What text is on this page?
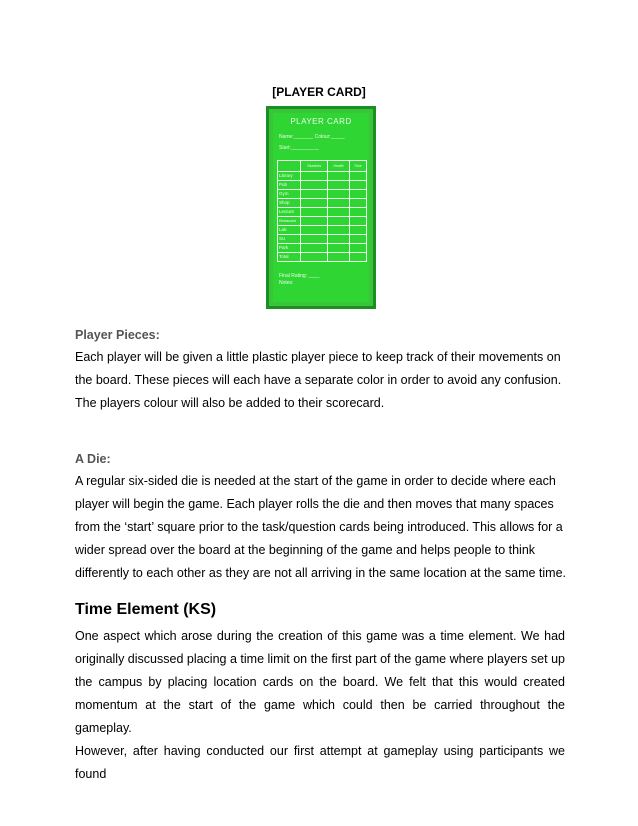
[PLAYER CARD]
PLAYER CARD
Name:_______ Colour:_____
Start:__________
	Students	Health	Time
Library			
Pub			
Gym			
Shop			
Lecture			
Restaurant			
Lab			
SU			
Park			
Total			
Final Rating: ____
Notes:
Player Pieces:
Each player will be given a little plastic player piece to keep track of their movements on
the board. These pieces will each have a separate color in order to avoid any confusion.
The players colour will also be added to their scorecard.
A Die:
A regular six-sided die is needed at the start of the game in order to decide where each
player will begin the game. Each player rolls the die and then moves that many spaces
from the ‘start’ square prior to the task/question cards being introduced. This allows for a
wider spread over the board at the beginning of the game and helps people to think
differently to each other as they are not all arriving in the same location at the same time.
Time Element (KS)
One aspect which arose during the creation of this game was a time element. We had
originally discussed placing a time limit on the first part of the game where players set up
the campus by placing location cards on the board. We felt that this would created
momentum at the start of the game which could then be carried throughout the gameplay.
However, after having conducted our first attempt at gameplay using participants we found
